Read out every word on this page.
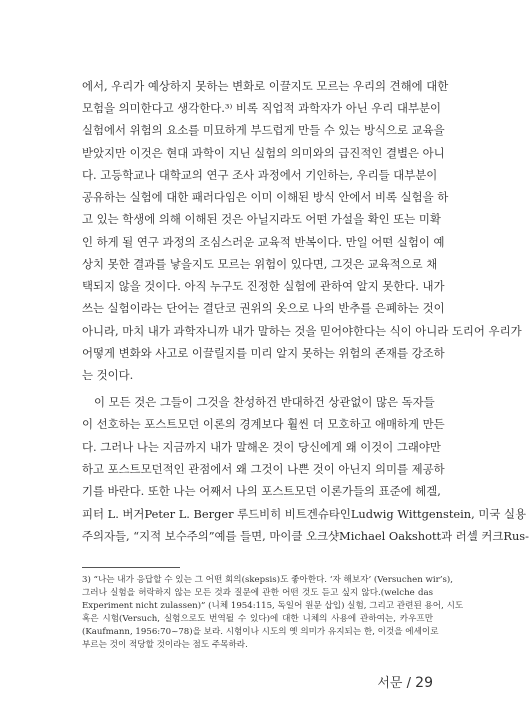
에서, 우리가 예상하지 못하는 변화로 이끌지도 모르는 우리의 견해에 대한
모험을 의미한다고 생각한다.³⁾ 비록 직업적 과학자가 아닌 우리 대부분이
실험에서 위험의 요소를 미묘하게 부드럽게 만들 수 있는 방식으로 교육을
받았지만 이것은 현대 과학이 지닌 실험의 의미와의 급진적인 결별은 아니
다. 고등학교나 대학교의 연구 조사 과정에서 기인하는, 우리들 대부분이
공유하는 실험에 대한 패러다임은 이미 이해된 방식 안에서 비록 실험을 하
고 있는 학생에 의해 이해된 것은 아닐지라도 어떤 가설을 확인 또는 미확
인 하게 될 연구 과정의 조심스러운 교육적 반복이다. 만일 어떤 실험이 예
상치 못한 결과를 낳을지도 모르는 위험이 있다면, 그것은 교육적으로 채
택되지 않을 것이다. 아직 누구도 진정한 실험에 관하여 알지 못한다. 내가
쓰는 실험이라는 단어는 결단코 권위의 옷으로 나의 반추를 은폐하는 것이
아니라, 마치 내가 과학자니까 내가 말하는 것을 믿어야한다는 식이 아니라 도리어 우리가
어떻게 변화와 사고로 이끌릴지를 미리 알지 못하는 위험의 존재를 강조하
는 것이다.
이 모든 것은 그들이 그것을 찬성하건 반대하건 상관없이 많은 독자들
이 선호하는 포스트모던 이론의 경계보다 훨씬 더 모호하고 애매하게 만든
다. 그러나 나는 지금까지 내가 말해온 것이 당신에게 왜 이것이 그래야만
하고 포스트모던적인 관점에서 왜 그것이 나쁜 것이 아닌지 의미를 제공하
기를 바란다. 또한 나는 어째서 나의 포스트모던 이론가들의 표준에 헤겔,
피터 L. 버거Peter L. Berger 루드비히 비트겐슈타인Ludwig Wittgenstein, 미국 실용
주의자들, “지적 보수주의”예를 들면, 마이클 오크샷Michael Oakshott과 러셀 커크Rus-
3) “나는 내가 응답할 수 있는 그 어떤 회의(skepsis)도 좋아한다. ‘자 해보자’ (Versuchen wir’s),
그러나 실험을 허락하지 않는 모든 것과 질문에 관한 어떤 것도 듣고 싶지 않다.(welche das
Experiment nicht zulassen)” (니체 1954:115, 독일어 원문 삽입) 실험, 그리고 관련된 용어, 시도
혹은 시험(Versuch, 실험으로도 번역될 수 있다)에 대한 니체의 사용에 관하여는, 카우프만
(Kaufmann, 1956:70~78)을 보라. 시험이나 시도의 옛 의미가 유지되는 한, 이것을 에세이로
부르는 것이 적당할 것이라는 점도 주목하라.
서문 / 29
